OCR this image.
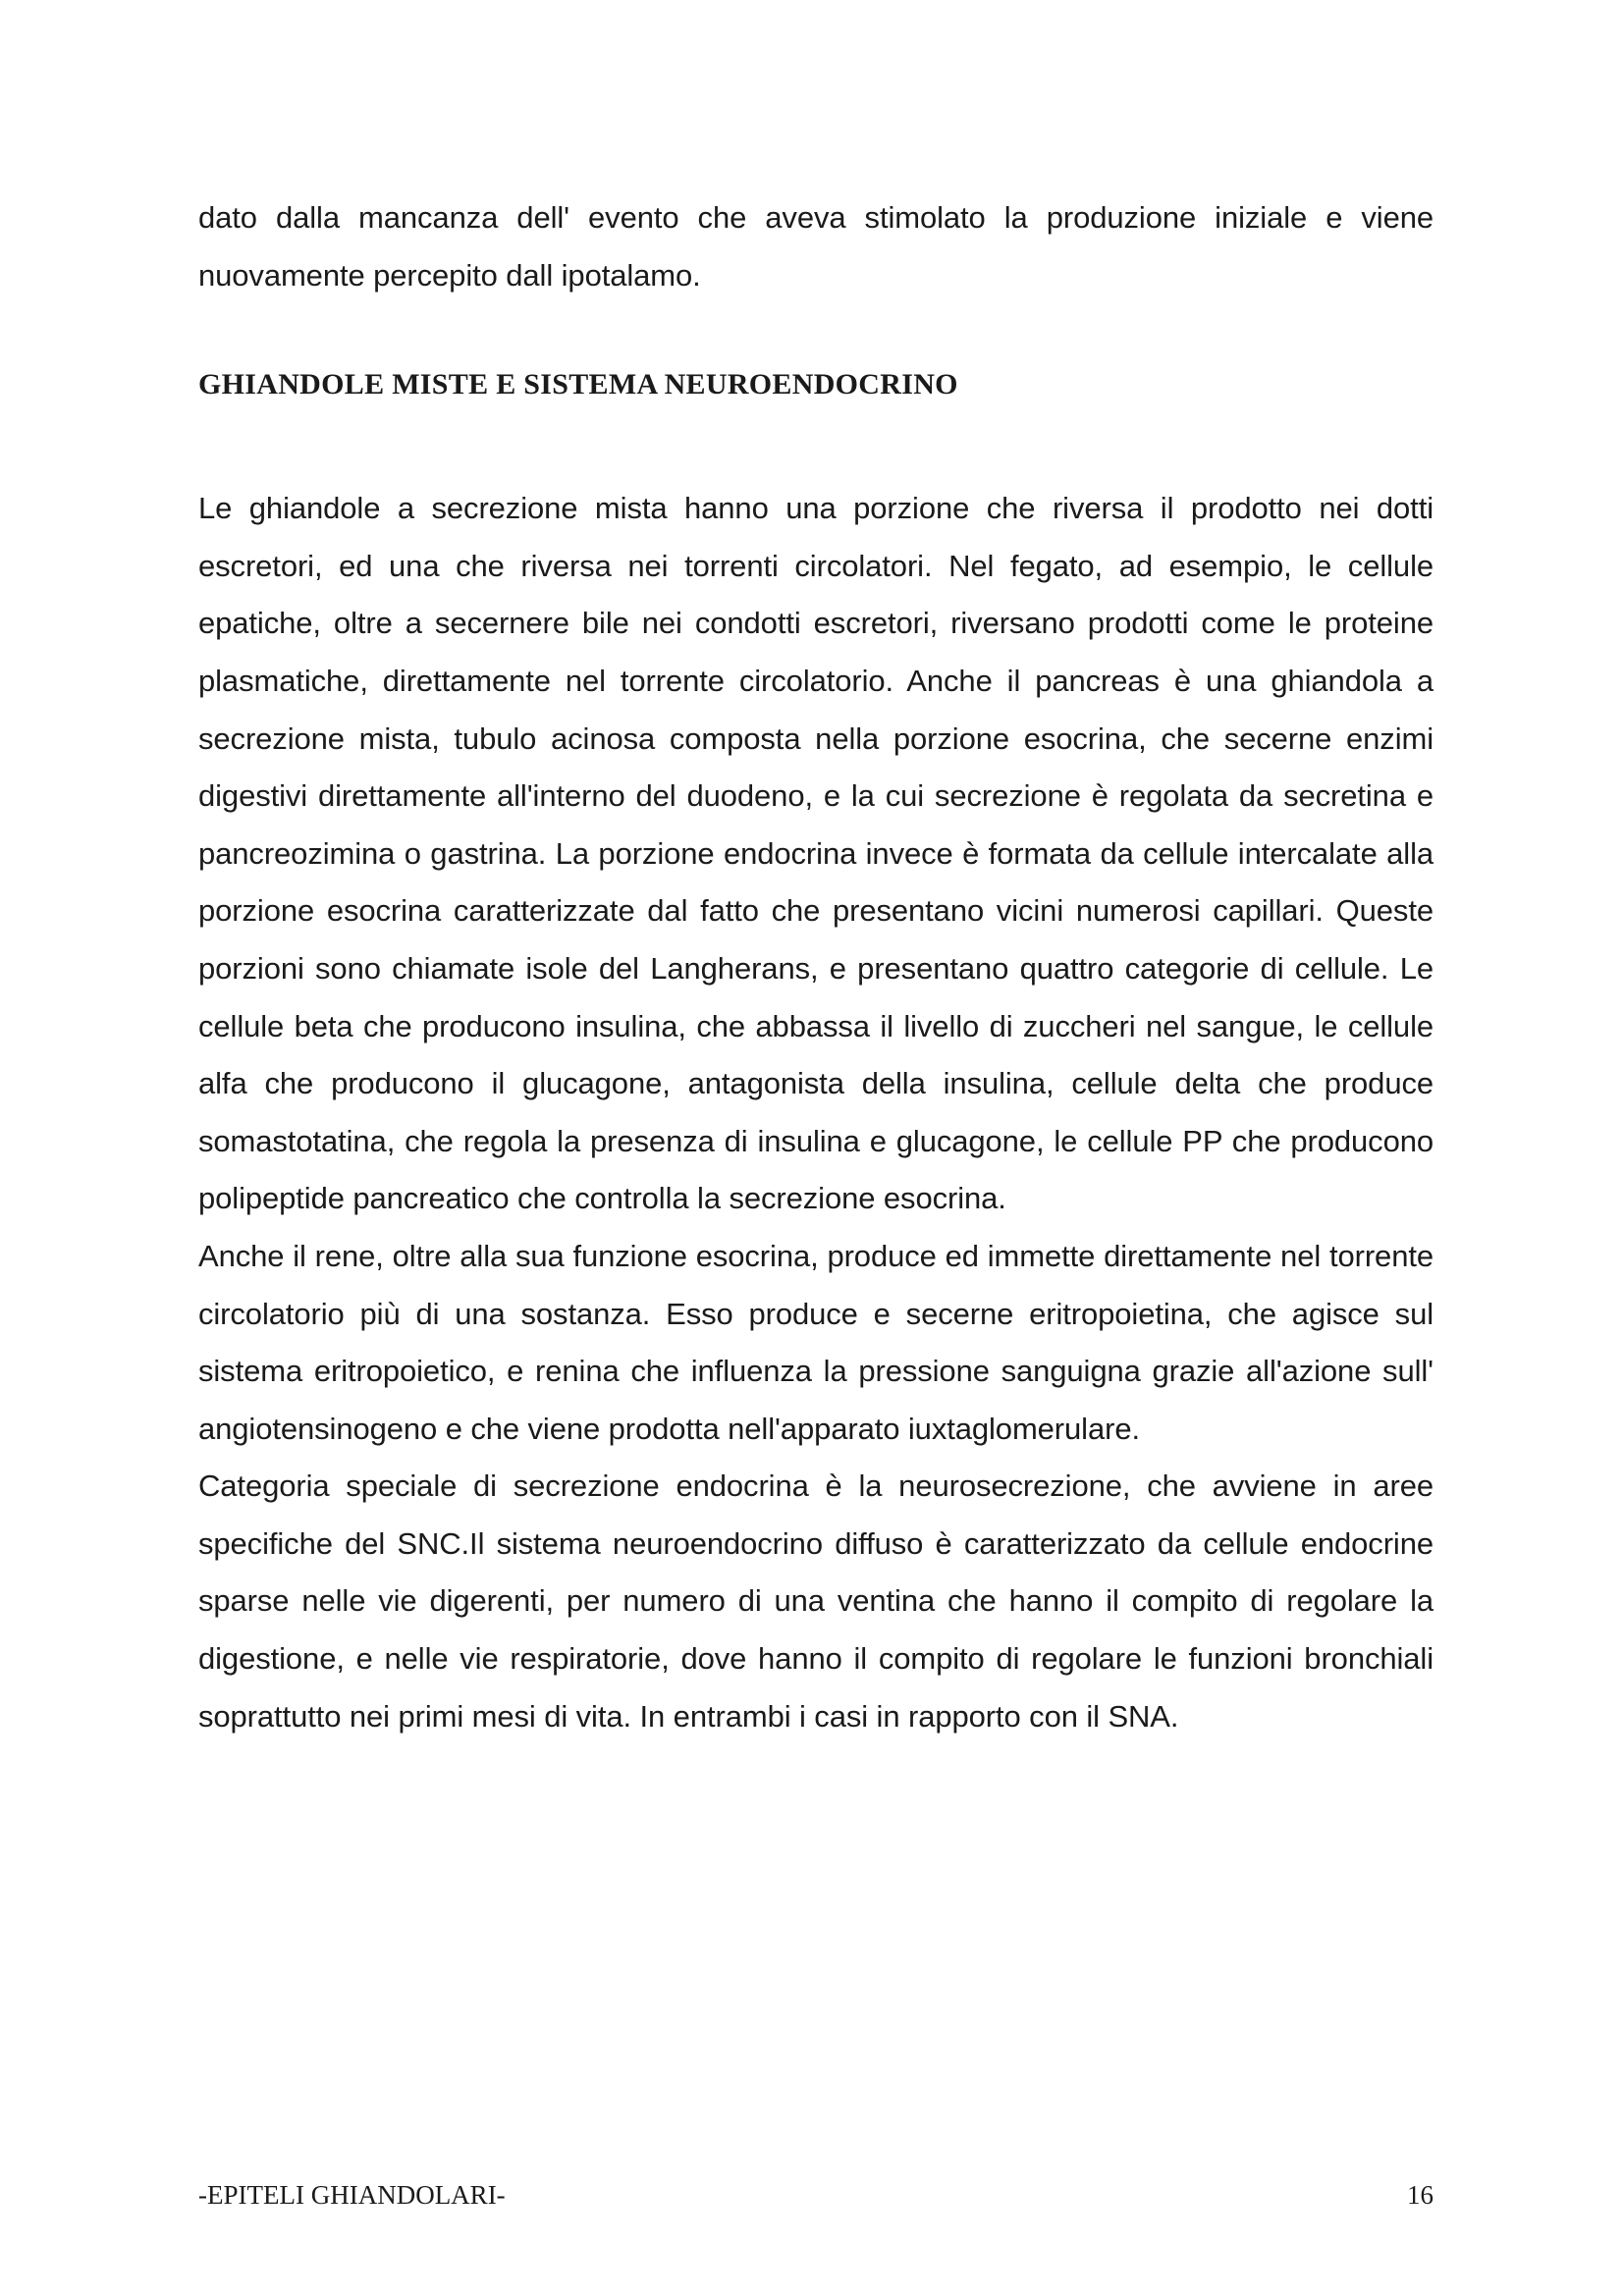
dato dalla mancanza dell' evento che aveva stimolato la produzione iniziale e viene nuovamente percepito dall ipotalamo.

GHIANDOLE MISTE E SISTEMA NEUROENDOCRINO

Le ghiandole a secrezione mista hanno una porzione che riversa il prodotto nei dotti escretori, ed una che riversa nei torrenti circolatori. Nel fegato, ad esempio, le cellule epatiche, oltre a secernere bile nei condotti escretori, riversano prodotti come le proteine plasmatiche, direttamente nel torrente circolatorio. Anche il pancreas è una ghiandola a secrezione mista, tubulo acinosa composta nella porzione esocrina, che secerne enzimi digestivi direttamente all'interno del duodeno, e la cui secrezione è regolata da secretina e pancreozimina o gastrina. La porzione endocrina invece è formata da cellule intercalate alla porzione esocrina caratterizzate dal fatto che presentano vicini numerosi capillari. Queste porzioni sono chiamate isole del Langherans, e presentano quattro categorie di cellule. Le cellule beta che producono insulina, che abbassa il livello di zuccheri nel sangue, le cellule alfa che producono il glucagone, antagonista della insulina, cellule delta che produce somastotatina, che regola la presenza di insulina e glucagone, le cellule PP che producono polipeptide pancreatico che controlla la secrezione esocrina.

Anche il rene, oltre alla sua funzione esocrina, produce ed immette direttamente nel torrente circolatorio più di una sostanza. Esso produce e secerne eritropoietina, che agisce sul sistema eritropoietico, e renina che influenza la pressione sanguigna grazie all'azione sull' angiotensinogeno e che viene prodotta nell'apparato iuxtaglomerulare.

Categoria speciale di secrezione endocrina è la neurosecrezione, che avviene in aree specifiche del SNC.Il sistema neuroendocrino diffuso è caratterizzato da cellule endocrine sparse nelle vie digerenti, per numero di una ventina che hanno il compito di regolare la digestione, e nelle vie respiratorie, dove hanno il compito di regolare le funzioni bronchiali soprattutto nei primi mesi di vita. In entrambi i casi in rapporto con il SNA.

-EPITELI GHIANDOLARI-	16
